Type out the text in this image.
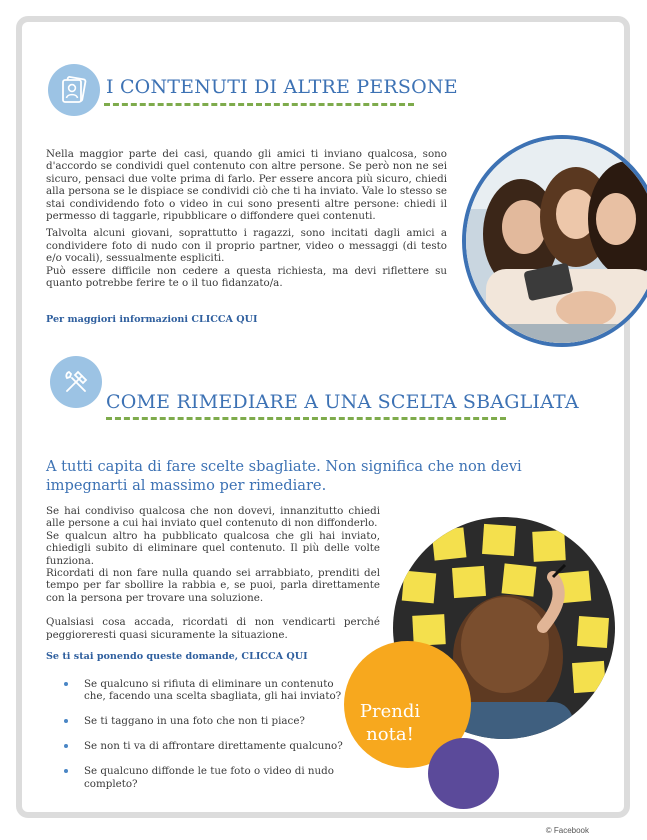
I CONTENUTI DI ALTRE PERSONE

Nella maggior parte dei casi, quando gli amici ti inviano qualcosa, sono d'accordo se condividi quel contenuto con altre persone. Se però non ne sei sicuro, pensaci due volte prima di farlo. Per essere ancora più sicuro, chiedi alla persona se le dispiace se condividi ciò che ti ha inviato. Vale lo stesso se stai condividendo foto o video in cui sono presenti altre persone: chiedi il permesso di taggarle, ripubblicare o diffondere quei contenuti.

Talvolta alcuni giovani, soprattutto i ragazzi, sono incitati dagli amici a condividere foto di nudo con il proprio partner, video o messaggi (di testo e/o vocali), sessualmente espliciti.

Può essere difficile non cedere a questa richiesta, ma devi riflettere su quanto potrebbe ferire te o il tuo fidanzato/a.

Per maggiori informazioni CLICCA QUI
COME RIMEDIARE A UNA SCELTA SBAGLIATA
A tutti capita di fare scelte sbagliate. Non significa che non devi impegnarti al massimo per rimediare.

Se hai condiviso qualcosa che non dovevi, innanzitutto chiedi alle persone a cui hai inviato quel contenuto di non diffonderlo.

Se qualcun altro ha pubblicato qualcosa che gli hai inviato, chiedigli subito di eliminare quel contenuto. Il più delle volte funziona.

Ricordati di non fare nulla quando sei arrabbiato, prenditi del tempo per far sbollire la rabbia e, se puoi, parla direttamente con la persona per trovare una soluzione.

Qualsiasi cosa accada, ricordati di non vendicarti perché peggioreresti quasi sicuramente la situazione.

Se ti stai ponendo queste domande, CLICCA QUI
Se qualcuno si rifiuta di eliminare un contenuto che, facendo una scelta sbagliata, gli hai inviato?
Se ti taggano in una foto che non ti piace?
Se non ti va di affrontare direttamente qualcuno?
Se qualcuno diffonde le tue foto o video di nudo completo?
Prendi nota!
© Facebook
